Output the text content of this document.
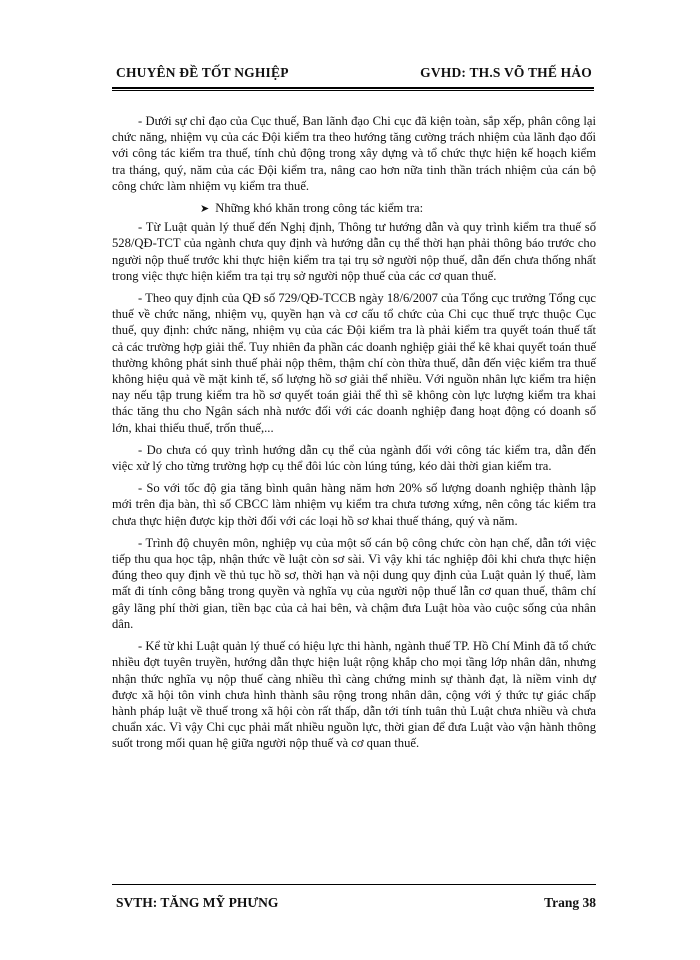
CHUYÊN ĐỀ TỐT NGHIỆP	GVHD: TH.S VÕ THẾ HẢO

- Dưới sự chỉ đạo của Cục thuế, Ban lãnh đạo Chi cục đã kiện toàn, sắp xếp, phân công lại chức năng, nhiệm vụ của các Đội kiểm tra theo hướng tăng cường trách nhiệm của lãnh đạo đối với công tác kiểm tra thuế, tính chủ động trong xây dựng và tổ chức thực hiện kế hoạch kiểm tra tháng, quý, năm của các Đội kiểm tra, nâng cao hơn nữa tinh thần trách nhiệm của cán bộ công chức làm nhiệm vụ kiểm tra thuế.

➤ Những khó khăn trong công tác kiểm tra:

- Từ Luật quản lý thuế đến Nghị định, Thông tư hướng dẫn và quy trình kiểm tra thuế số 528/QĐ-TCT của ngành chưa quy định và hướng dẫn cụ thể thời hạn phải thông báo trước cho người nộp thuế trước khi thực hiện kiểm tra tại trụ sở người nộp thuế, dẫn đến chưa thống nhất trong việc thực hiện kiểm tra tại trụ sở người nộp thuế của các cơ quan thuế.

- Theo quy định của QĐ số 729/QĐ-TCCB ngày 18/6/2007 của Tổng cục trưởng Tổng cục thuế về chức năng, nhiệm vụ, quyền hạn và cơ cấu tổ chức của Chi cục thuế trực thuộc Cục thuế, quy định: chức năng, nhiệm vụ của các Đội kiểm tra là phải kiểm tra quyết toán thuế tất cả các trường hợp giải thể. Tuy nhiên đa phần các doanh nghiệp giải thể kê khai quyết toán thuế thường không phát sinh thuế phải nộp thêm, thậm chí còn thừa thuế, dẫn đến việc kiểm tra thuế không hiệu quả về mặt kinh tế, số lượng hồ sơ giải thể nhiều. Với nguồn nhân lực kiểm tra hiện nay nếu tập trung kiểm tra hồ sơ quyết toán giải thể thì sẽ không còn lực lượng kiểm tra khai thác tăng thu cho Ngân sách nhà nước đối với các doanh nghiệp đang hoạt động có doanh số lớn, khai thiếu thuế, trốn thuế,...

- Do chưa có quy trình hướng dẫn cụ thể của ngành đối với công tác kiểm tra, dẫn đến việc xử lý cho từng trường hợp cụ thể đôi lúc còn lúng túng, kéo dài thời gian kiểm tra.

- So với tốc độ gia tăng bình quân hàng năm hơn 20% số lượng doanh nghiệp thành lập mới trên địa bàn, thì số CBCC làm nhiệm vụ kiểm tra chưa tương xứng, nên công tác kiểm tra chưa thực hiện được kịp thời đối với các loại hồ sơ khai thuế tháng, quý và năm.

- Trình độ chuyên môn, nghiệp vụ của một số cán bộ công chức còn hạn chế, dẫn tới việc tiếp thu qua học tập, nhận thức về luật còn sơ sài. Vì vậy khi tác nghiệp đôi khi chưa thực hiện đúng theo quy định về thủ tục hồ sơ, thời hạn và nội dung quy định của Luật quản lý thuế, làm mất đi tính công bằng trong quyền và nghĩa vụ của người nộp thuế lẫn cơ quan thuế, thâm chí gây lãng phí thời gian, tiền bạc của cả hai bên, và chậm đưa Luật hòa vào cuộc sống của nhân dân.

- Kể từ khi Luật quản lý thuế có hiệu lực thi hành, ngành thuế TP. Hồ Chí Minh đã tổ chức nhiều đợt tuyên truyền, hướng dẫn thực hiện luật rộng khắp cho mọi tầng lớp nhân dân, nhưng nhận thức nghĩa vụ nộp thuế càng nhiều thì càng chứng minh sự thành đạt, là niềm vinh dự được xã hội tôn vinh chưa hình thành sâu rộng trong nhân dân, cộng với ý thức tự giác chấp hành pháp luật về thuế trong xã hội còn rất thấp, dẫn tới tính tuân thủ Luật chưa nhiều và chưa chuẩn xác. Vì vậy Chi cục phải mất nhiều nguồn lực, thời gian để đưa Luật vào vận hành thông suốt trong mối quan hệ giữa người nộp thuế và cơ quan thuế.

SVTH: TĂNG MỸ PHƯNG	Trang 38
